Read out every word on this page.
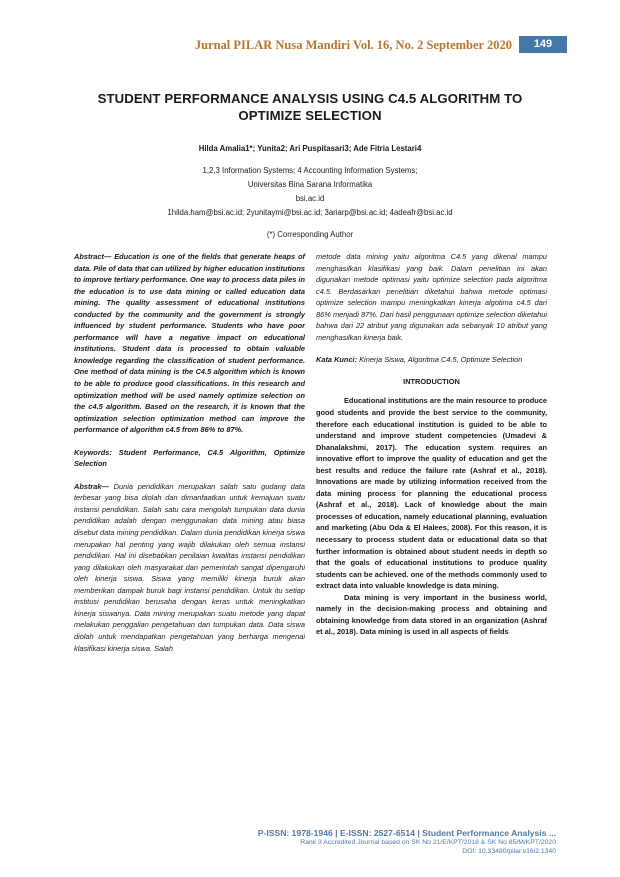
Jurnal PILAR Nusa Mandiri Vol. 16, No. 2 September 2020	149
STUDENT PERFORMANCE ANALYSIS USING C4.5 ALGORITHM TO
OPTIMIZE SELECTION
Hilda Amalia1*; Yunita2; Ari Puspitasari3; Ade Fitria Lestari4
1,2,3 Information Systems; 4 Accounting Information Systems;
Universitas Bina Sarana Informatika
bsi.ac.id
1hilda.ham@bsi.ac.id; 2yunitaymi@bsi.ac.id; 3ariarp@bsi.ac.id; 4adeafr@bsi.ac.id
(*) Corresponding Author

Abstract— Education is one of the fields that generate heaps of data. Pile of data that can utilized by higher education institutions to improve tertiary performance. One way to process data piles in the education is to use data mining or called education data mining. The quality assessment of educational institutions conducted by the community and the government is strongly influenced by student performance. Students who have poor performance will have a negative impact on educational institutions. Student data is processed to obtain valuable knowledge regarding the classification of student performance. One method of data mining is the C4.5 algorithm which is known to be able to produce good classifications. In this research and optimization method will be used namely optimize selection on the c4.5 algorithm. Based on the research, it is known that the optimization selection optimization method can improve the performance of algorithm c4.5 from 86% to 87%.

Keywords: Student Performance, C4.5 Algorithm, Optimize Selection

Abstrak— Dunia pendidikan merupakan salah satu gudang data terbesar yang bisa diolah dan dimanfaatkan untuk kemajuan suatu instansi pendidikan. Salah satu cara mengolah tumpukan data dunia pendidikan adalah dengan menggunakan data mining atau biasa disebut data mining pendidikan. Dalam dunia pendidikan kinerja siswa merupakan hal penting yang wajib dilakukan oleh semua instansi pendidikan. Hal ini disebabkan penilaian kwalitas instansi pendidikan yang dilakukan oleh masyarakat dan pemerintah sangat dipengaruhi oleh kinerja siswa. Siswa yang memiliki kinerja buruk akan memberikan dampak buruk bagi instansi pendidikan. Untuk itu setiap institusi pendidikan berusaha dengan keras untuk meningkatkan kinerja siswanya. Data mining merupakan suatu metode yang dapat melakukan penggalian pengetahuan dari tumpukan data. Data siswa diolah untuk mendapatkan pengetahuan yang berharga mengenai klasifikasi kinerja siswa. Salah

metode data mining yaitu algoritma C4.5 yang dikenal mampu menghasilkan klasifikasi yang baik. Dalam penelitian ini akan digunakan metode optimasi yaitu optimize selection pada algoritma c4.5. Berdasarkan penelitian diketahui bahwa metode optimasi optimize selection mampu meningkatkan kinerja algotima c4.5 dari 86% menjadi 87%. Dari hasil penggunaan optimize selection diketahui bahwa dari 22 atribut yang digunakan ada sebanyak 10 atribut yang menghasilkan kinerja baik.

Kata Kunci: Kinerja Siswa, Algoritma C4.5, Optimize Selection

INTRODUCTION

Educational institutions are the main resource to produce good students and provide the best service to the community, therefore each educational institution is guided to be able to understand and improve student competencies (Umadevi & Dhanalakshmi, 2017). The education system requires an innovative effort to improve the quality of education and get the best results and reduce the failure rate (Ashraf et al., 2018). Innovations are made by utilizing information received from the data mining process for planning the educational process (Ashraf et al., 2018). Lack of knowledge about the main processes of education, namely educational planning, evaluation and marketing (Abu Oda & El Halees, 2008). For this reason, it is necessary to process student data or educational data so that further information is obtained about student needs in depth so that the goals of educational institutions to produce quality students can be achieved. one of the methods commonly used to extract data into valuable knowledge is data mining.

Data mining is very important in the business world, namely in the decision-making process and obtaining and obtaining knowledge from data stored in an organization (Ashraf et al., 2018). Data mining is used in all aspects of fields

P-ISSN: 1978-1946 | E-ISSN: 2527-6514 | Student Performance Analysis ...
Rank 3 Accredited Journal based on SK No 21/E/KPT/2018 & SK No 85/M/KPT/2020
DOI: 10.33480/pilar.v16i2.1340
